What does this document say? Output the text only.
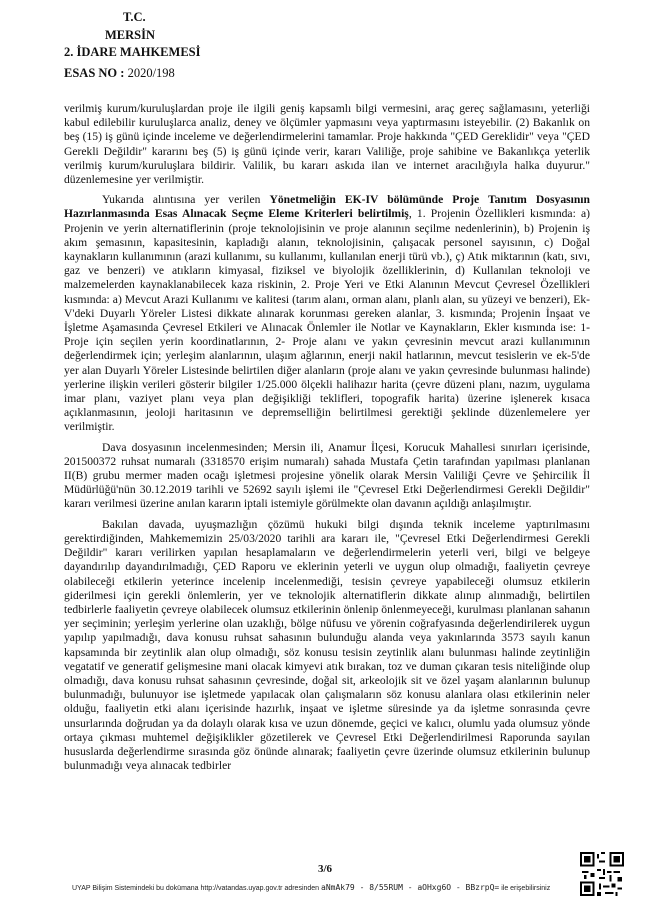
T.C.
MERSİN
2. İDARE MAHKEMESİ
ESAS NO : 2020/198

verilmiş kurum/kuruluşlardan proje ile ilgili geniş kapsamlı bilgi vermesini, araç gereç sağlamasını, yeterliği kabul edilebilir kuruluşlarca analiz, deney ve ölçümler yapmasını veya yaptırmasını isteyebilir. (2) Bakanlık on beş (15) iş günü içinde inceleme ve değerlendirmelerini tamamlar. Proje hakkında "ÇED Gereklidir" veya "ÇED Gerekli Değildir" kararını beş (5) iş günü içinde verir, kararı Valiliğe, proje sahibine ve Bakanlıkça yeterlik verilmiş kurum/kuruluşlara bildirir. Valilik, bu kararı askıda ilan ve internet aracılığıyla halka duyurur." düzenlemesine yer verilmiştir.

Yukarıda alıntısına yer verilen Yönetmeliğin EK-IV bölümünde Proje Tanıtım Dosyasının Hazırlanmasında Esas Alınacak Seçme Eleme Kriterleri belirtilmiş, 1. Projenin Özellikleri kısmında: a) Projenin ve yerin alternatiflerinin (proje teknolojisinin ve proje alanının seçilme nedenlerinin), b) Projenin iş akım şemasının, kapasitesinin, kapladığı alanın, teknolojisinin, çalışacak personel sayısının, c) Doğal kaynakların kullanımının (arazi kullanımı, su kullanımı, kullanılan enerji türü vb.), ç) Atık miktarının (katı, sıvı, gaz ve benzeri) ve atıkların kimyasal, fiziksel ve biyolojik özelliklerinin, d) Kullanılan teknoloji ve malzemelerden kaynaklanabilecek kaza riskinin, 2. Proje Yeri ve Etki Alanının Mevcut Çevresel Özellikleri kısmında: a) Mevcut Arazi Kullanımı ve kalitesi (tarım alanı, orman alanı, planlı alan, su yüzeyi ve benzeri), Ek-V'deki Duyarlı Yöreler Listesi dikkate alınarak korunması gereken alanlar, 3. kısmında; Projenin İnşaat ve İşletme Aşamasında Çevresel Etkileri ve Alınacak Önlemler ile Notlar ve Kaynakların, Ekler kısmında ise: 1- Proje için seçilen yerin koordinatlarının, 2- Proje alanı ve yakın çevresinin mevcut arazi kullanımının değerlendirmek için; yerleşim alanlarının, ulaşım ağlarının, enerji nakil hatlarının, mevcut tesislerin ve ek-5'de yer alan Duyarlı Yöreler Listesinde belirtilen diğer alanların (proje alanı ve yakın çevresinde bulunması halinde) yerlerine ilişkin verileri gösterir bilgiler 1/25.000 ölçekli halihazır harita (çevre düzeni planı, nazım, uygulama imar planı, vaziyet planı veya plan değişikliği teklifleri, topografik harita) üzerine işlenerek kısaca açıklanmasının, jeoloji haritasının ve depremselliğin belirtilmesi gerektiği şeklinde düzenlemelere yer verilmiştir.

Dava dosyasının incelenmesinden; Mersin ili, Anamur İlçesi, Korucuk Mahallesi sınırları içerisinde, 201500372 ruhsat numaralı (3318570 erişim numaralı) sahada Mustafa Çetin tarafından yapılması planlanan II(B) grubu mermer maden ocağı işletmesi projesine yönelik olarak Mersin Valiliği Çevre ve Şehircilik İl Müdürlüğü'nün 30.12.2019 tarihli ve 52692 sayılı işlemi ile "Çevresel Etki Değerlendirmesi Gerekli Değildir" kararı verilmesi üzerine anılan kararın iptali istemiyle görülmekte olan davanın açıldığı anlaşılmıştır.

Bakılan davada, uyuşmazlığın çözümü hukuki bilgi dışında teknik inceleme yaptırılmasını gerektirdiğinden, Mahkememizin 25/03/2020 tarihli ara kararı ile, "Çevresel Etki Değerlendirmesi Gerekli Değildir" kararı verilirken yapılan hesaplamaların ve değerlendirmelerin yeterli veri, bilgi ve belgeye dayandırılıp dayandırılmadığı, ÇED Raporu ve eklerinin yeterli ve uygun olup olmadığı, faaliyetin çevreye olabileceği etkilerin yeterince incelenip incelenmediği, tesisin çevreye yapabileceği olumsuz etkilerin giderilmesi için gerekli önlemlerin, yer ve teknolojik alternatiflerin dikkate alınıp alınmadığı, belirtilen tedbirlerle faaliyetin çevreye olabilecek olumsuz etkilerinin önlenip önlenmeyeceği, kurulması planlanan sahanın yer seçiminin; yerleşim yerlerine olan uzaklığı, bölge nüfusu ve yörenin coğrafyasında değerlendirilerek uygun yapılıp yapılmadığı, dava konusu ruhsat sahasının bulunduğu alanda veya yakınlarında 3573 sayılı kanun kapsamında bir zeytinlik alan olup olmadığı, söz konusu tesisin zeytinlik alanı bulunması halinde zeytinliğin vegatatif ve generatif gelişmesine mani olacak kimyevi atık bırakan, toz ve duman çıkaran tesis niteliğinde olup olmadığı, dava konusu ruhsat sahasının çevresinde, doğal sit, arkeolojik sit ve özel yaşam alanlarının bulunup bulunmadığı, bulunuyor ise işletmede yapılacak olan çalışmaların söz konusu alanlara olası etkilerinin neler olduğu, faaliyetin etki alanı içerisinde hazırlık, inşaat ve işletme süresinde ya da işletme sonrasında çevre unsurlarında doğrudan ya da dolaylı olarak kısa ve uzun dönemde, geçici ve kalıcı, olumlu yada olumsuz yönde ortaya çıkması muhtemel değişiklikler gözetilerek ve Çevresel Etki Değerlendirilmesi Raporunda sayılan hususlarda değerlendirme sırasında göz önünde alınarak; faaliyetin çevre üzerinde olumsuz etkilerinin bulunup bulunmadığı veya alınacak tedbirler

3/6
UYAP Bilişim Sistemindeki bu dokümana http://vatandas.uyap.gov.tr adresinden aNmAk79 - 8/55RUM - aOHxg6O - BBzrpQ= ile erişebilirsiniz
